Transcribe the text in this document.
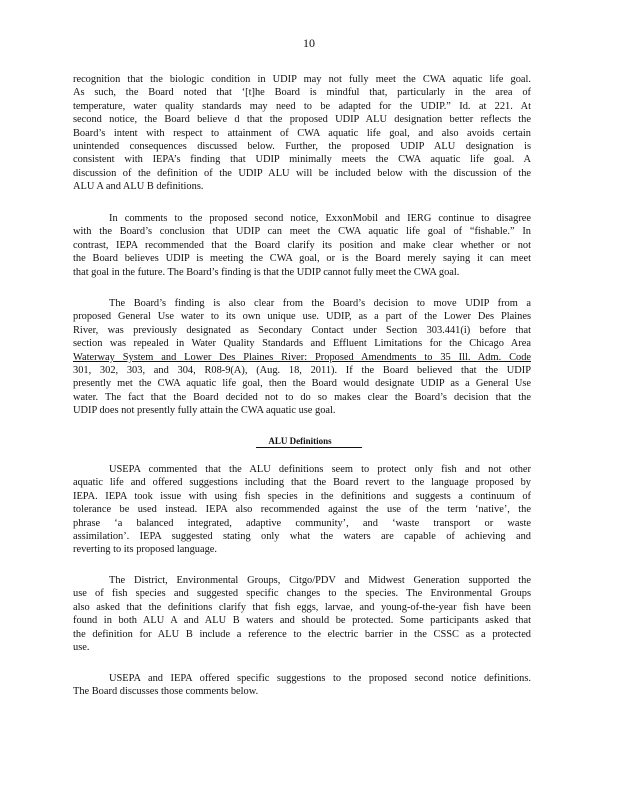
10
recognition that the biologic condition in UDIP may not fully meet the CWA aquatic life goal.
As such, the Board noted that ‘[t]he Board is mindful that, particularly in the area of
temperature, water quality standards may need to be adapted for the UDIP.” Id. at 221. At
second notice, the Board believe d that the proposed UDIP ALU designation better reflects the
Board’s intent with respect to attainment of CWA aquatic life goal, and also avoids certain
unintended consequences discussed below. Further, the proposed UDIP ALU designation is
consistent with IEPA’s finding that UDIP minimally meets the CWA aquatic life goal. A
discussion of the definition of the UDIP ALU will be included below with the discussion of the
ALU A and ALU B definitions.
In comments to the proposed second notice, ExxonMobil and IERG continue to disagree
with the Board’s conclusion that UDIP can meet the CWA aquatic life goal of “fishable.” In
contrast, IEPA recommended that the Board clarify its position and make clear whether or not
the Board believes UDIP is meeting the CWA goal, or is the Board merely saying it can meet
that goal in the future. The Board’s finding is that the UDIP cannot fully meet the CWA goal.
The Board’s finding is also clear from the Board’s decision to move UDIP from a
proposed General Use water to its own unique use. UDIP, as a part of the Lower Des Plaines
River, was previously designated as Secondary Contact under Section 303.441(i) before that
section was repealed in Water Quality Standards and Effluent Limitations for the Chicago Area
Waterway System and Lower Des Plaines River: Proposed Amendments to 35 Ill. Adm. Code
301, 302, 303, and 304, R08-9(A), (Aug. 18, 2011). If the Board believed that the UDIP
presently met the CWA aquatic life goal, then the Board would designate UDIP as a General Use
water. The fact that the Board decided not to do so makes clear the Board’s decision that the
UDIP does not presently fully attain the CWA aquatic use goal.
ALU Definitions
USEPA commented that the ALU definitions seem to protect only fish and not other
aquatic life and offered suggestions including that the Board revert to the language proposed by
IEPA. IEPA took issue with using fish species in the definitions and suggests a continuum of
tolerance be used instead. IEPA also recommended against the use of the term ‘native’, the
phrase ‘a balanced integrated, adaptive community’, and ‘waste transport or waste
assimilation’. IEPA suggested stating only what the waters are capable of achieving and
reverting to its proposed language.
The District, Environmental Groups, Citgo/PDV and Midwest Generation supported the
use of fish species and suggested specific changes to the species. The Environmental Groups
also asked that the definitions clarify that fish eggs, larvae, and young-of-the-year fish have been
found in both ALU A and ALU B waters and should be protected. Some participants asked that
the definition for ALU B include a reference to the electric barrier in the CSSC as a protected
use.
USEPA and IEPA offered specific suggestions to the proposed second notice definitions.
The Board discusses those comments below.
